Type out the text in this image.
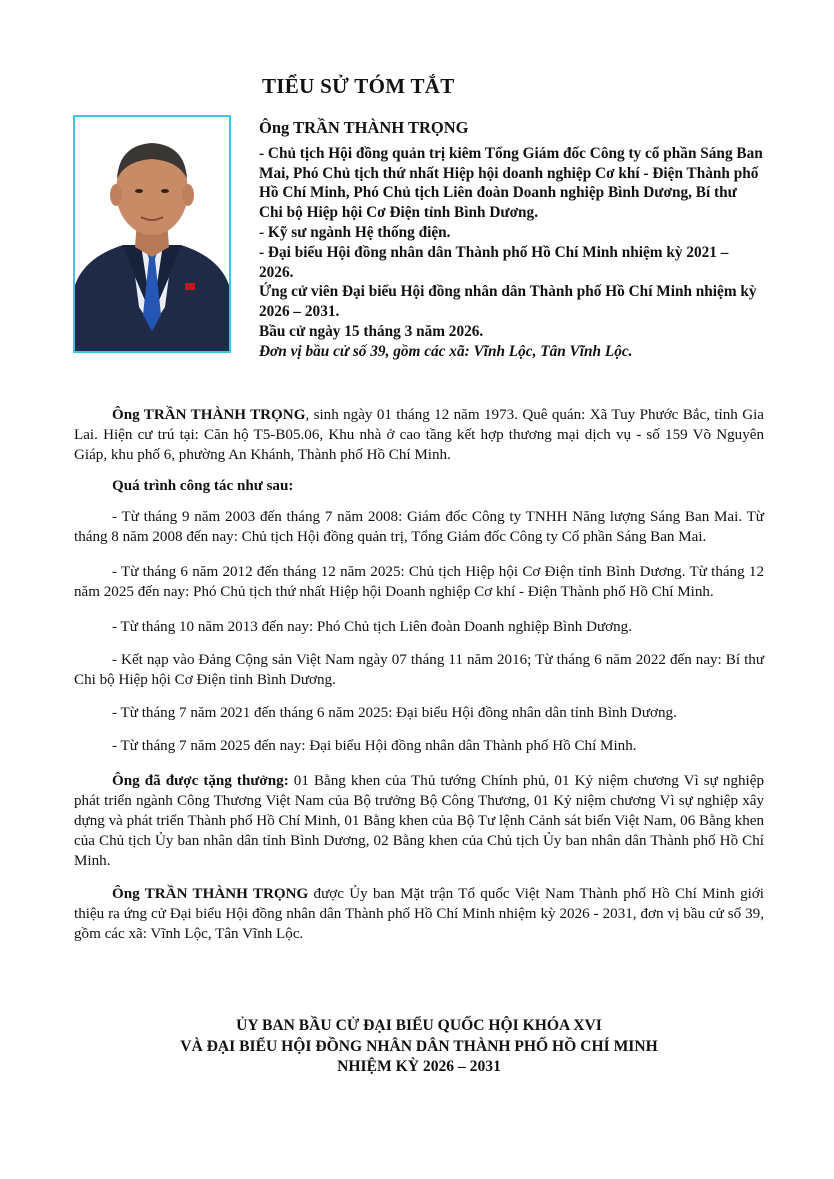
TIỂU SỬ TÓM TẮT
Ông TRẦN THÀNH TRỌNG

- Chủ tịch Hội đồng quản trị kiêm Tổng Giám đốc Công ty cổ phần Sáng Ban Mai, Phó Chủ tịch thứ nhất Hiệp hội doanh nghiệp Cơ khí - Điện Thành phố Hồ Chí Minh, Phó Chủ tịch Liên đoàn Doanh nghiệp Bình Dương, Bí thư Chi bộ Hiệp hội Cơ Điện tỉnh Bình Dương.

- Kỹ sư ngành Hệ thống điện.

- Đại biểu Hội đồng nhân dân Thành phố Hồ Chí Minh nhiệm kỳ 2021 – 2026.

Ứng cử viên Đại biểu Hội đồng nhân dân Thành phố Hồ Chí Minh nhiệm kỳ 2026 – 2031.

Bầu cử ngày 15 tháng 3 năm 2026.

Đơn vị bầu cử số 39, gồm các xã: Vĩnh Lộc, Tân Vĩnh Lộc.

Ông TRẦN THÀNH TRỌNG, sinh ngày 01 tháng 12 năm 1973. Quê quán: Xã Tuy Phước Bắc, tỉnh Gia Lai. Hiện cư trú tại: Căn hộ T5-B05.06, Khu nhà ở cao tầng kết hợp thương mại dịch vụ - số 159 Võ Nguyên Giáp, khu phố 6, phường An Khánh, Thành phố Hồ Chí Minh.

Quá trình công tác như sau:

- Từ tháng 9 năm 2003 đến tháng 7 năm 2008: Giám đốc Công ty TNHH Năng lượng Sáng Ban Mai. Từ tháng 8 năm 2008 đến nay: Chủ tịch Hội đồng quản trị, Tổng Giám đốc Công ty Cổ phần Sáng Ban Mai.

- Từ tháng 6 năm 2012 đến tháng 12 năm 2025: Chủ tịch Hiệp hội Cơ Điện tỉnh Bình Dương. Từ tháng 12 năm 2025 đến nay: Phó Chủ tịch thứ nhất Hiệp hội Doanh nghiệp Cơ khí - Điện Thành phố Hồ Chí Minh.

- Từ tháng 10 năm 2013 đến nay: Phó Chủ tịch Liên đoàn Doanh nghiệp Bình Dương.

- Kết nạp vào Đảng Cộng sản Việt Nam ngày 07 tháng 11 năm 2016; Từ tháng 6 năm 2022 đến nay: Bí thư Chi bộ Hiệp hội Cơ Điện tỉnh Bình Dương.

- Từ tháng 7 năm 2021 đến tháng 6 năm 2025: Đại biểu Hội đồng nhân dân tỉnh Bình Dương.

- Từ tháng 7 năm 2025 đến nay: Đại biểu Hội đồng nhân dân Thành phố Hồ Chí Minh.

Ông đã được tặng thưởng: 01 Bằng khen của Thủ tướng Chính phủ, 01 Kỷ niệm chương Vì sự nghiệp phát triển ngành Công Thương Việt Nam của Bộ trưởng Bộ Công Thương, 01 Kỷ niệm chương Vì sự nghiệp xây dựng và phát triển Thành phố Hồ Chí Minh, 01 Bằng khen của Bộ Tư lệnh Cảnh sát biển Việt Nam, 06 Bằng khen của Chủ tịch Ủy ban nhân dân tỉnh Bình Dương, 02 Bằng khen của Chủ tịch Ủy ban nhân dân Thành phố Hồ Chí Minh.

Ông TRẦN THÀNH TRỌNG được Ủy ban Mặt trận Tổ quốc Việt Nam Thành phố Hồ Chí Minh giới thiệu ra ứng cử Đại biểu Hội đồng nhân dân Thành phố Hồ Chí Minh nhiệm kỳ 2026 - 2031, đơn vị bầu cử số 39, gồm các xã: Vĩnh Lộc, Tân Vĩnh Lộc.

ỦY BAN BẦU CỬ ĐẠI BIỂU QUỐC HỘI KHÓA XVI
VÀ ĐẠI BIỂU HỘI ĐỒNG NHÂN DÂN THÀNH PHỐ HỒ CHÍ MINH
NHIỆM KỲ 2026 – 2031
